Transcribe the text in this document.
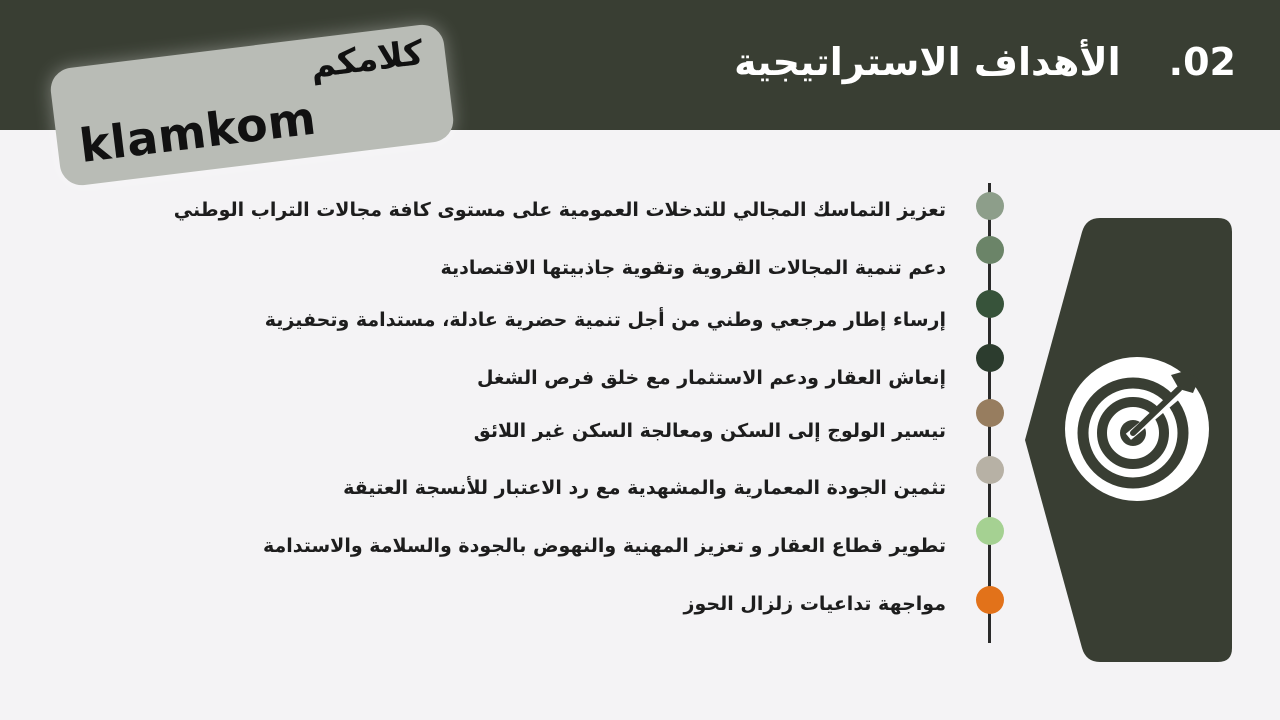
.02
الأهداف الاستراتيجية
كلامكم
klamkom
تعزيز التماسك المجالي للتدخلات العمومية على مستوى كافة مجالات التراب الوطني
دعم تنمية المجالات القروية وتقوية جاذبيتها الاقتصادية
إرساء إطار مرجعي وطني من أجل تنمية حضرية عادلة، مستدامة وتحفيزية
إنعاش العقار ودعم الاستثمار مع خلق فرص الشغل
تيسير الولوج إلى السكن ومعالجة السكن غير اللائق
تثمين الجودة المعمارية والمشهدية مع رد الاعتبار للأنسجة العتيقة
تطوير قطاع العقار و تعزيز المهنية والنهوض بالجودة والسلامة والاستدامة
مواجهة تداعيات زلزال الحوز
